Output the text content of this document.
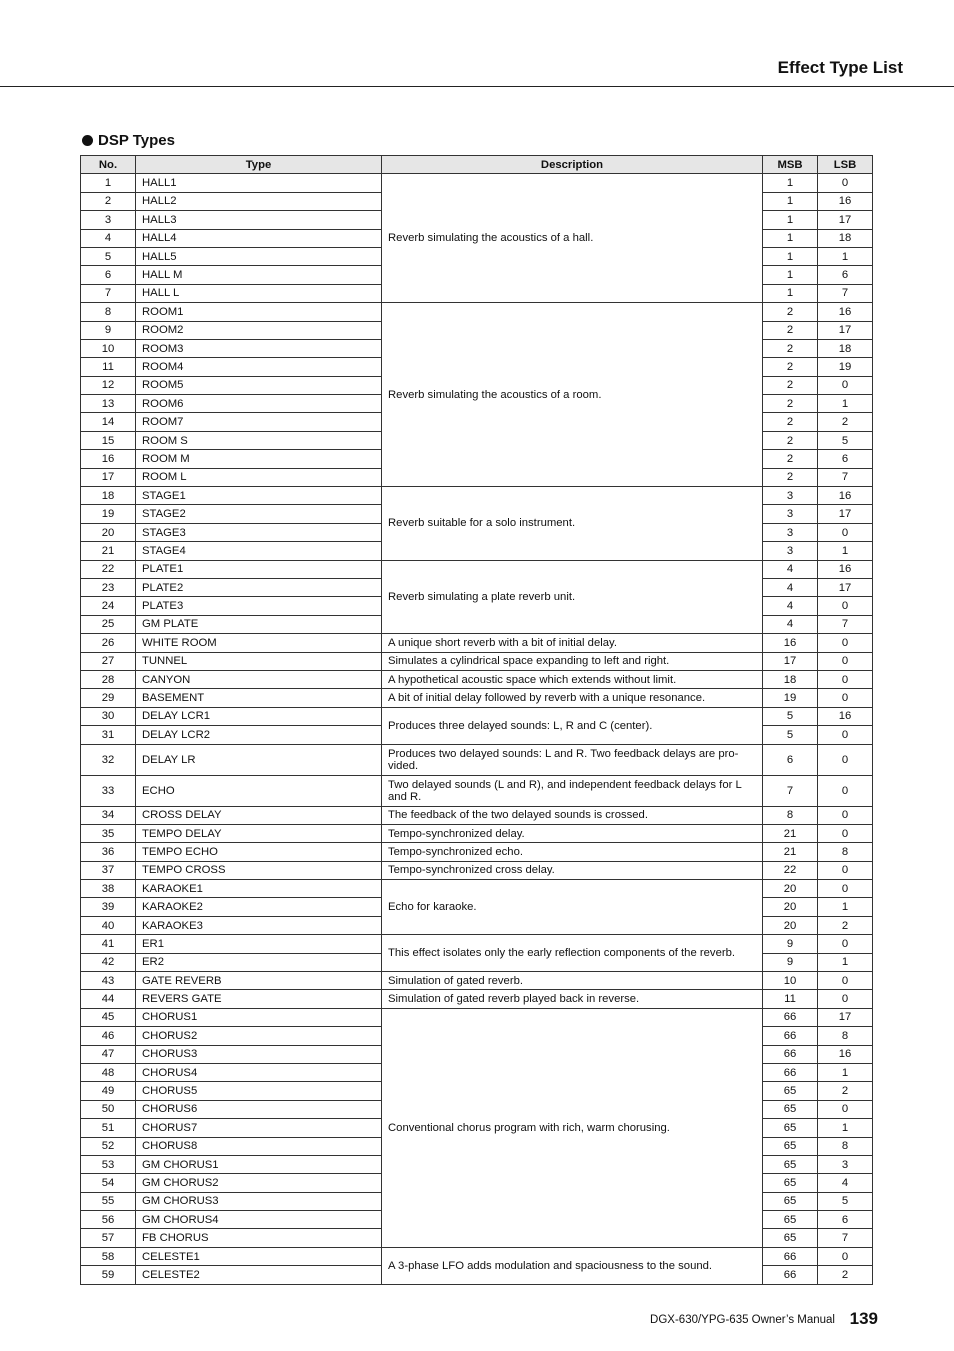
Effect Type List
DSP Types
No.	Type	Description	MSB	LSB
1	HALL1	Reverb simulating the acoustics of a hall.	1	0
2	HALL2		1	16
3	HALL3		1	17
4	HALL4		1	18
5	HALL5		1	1
6	HALL M		1	6
7	HALL L		1	7
8	ROOM1	Reverb simulating the acoustics of a room.	2	16
9	ROOM2		2	17
10	ROOM3		2	18
11	ROOM4		2	19
12	ROOM5		2	0
13	ROOM6		2	1
14	ROOM7		2	2
15	ROOM S		2	5
16	ROOM M		2	6
17	ROOM L		2	7
18	STAGE1	Reverb suitable for a solo instrument.	3	16
19	STAGE2		3	17
20	STAGE3		3	0
21	STAGE4		3	1
22	PLATE1	Reverb simulating a plate reverb unit.	4	16
23	PLATE2		4	17
24	PLATE3		4	0
25	GM PLATE		4	7
26	WHITE ROOM	A unique short reverb with a bit of initial delay.	16	0
27	TUNNEL	Simulates a cylindrical space expanding to left and right.	17	0
28	CANYON	A hypothetical acoustic space which extends without limit.	18	0
29	BASEMENT	A bit of initial delay followed by reverb with a unique resonance.	19	0
30	DELAY LCR1	Produces three delayed sounds: L, R and C (center).	5	16
31	DELAY LCR2		5	0
32	DELAY LR	Produces two delayed sounds: L and R. Two feedback delays are pro-vided.	6	0
33	ECHO	Two delayed sounds (L and R), and independent feedback delays for L and R.	7	0
34	CROSS DELAY	The feedback of the two delayed sounds is crossed.	8	0
35	TEMPO DELAY	Tempo-synchronized delay.	21	0
36	TEMPO ECHO	Tempo-synchronized echo.	21	8
37	TEMPO CROSS	Tempo-synchronized cross delay.	22	0
38	KARAOKE1	Echo for karaoke.	20	0
39	KARAOKE2		20	1
40	KARAOKE3		20	2
41	ER1	This effect isolates only the early reflection components of the reverb.	9	0
42	ER2		9	1
43	GATE REVERB	Simulation of gated reverb.	10	0
44	REVERS GATE	Simulation of gated reverb played back in reverse.	11	0
45	CHORUS1	Conventional chorus program with rich, warm chorusing.	66	17
46	CHORUS2		66	8
47	CHORUS3		66	16
48	CHORUS4		66	1
49	CHORUS5		65	2
50	CHORUS6		65	0
51	CHORUS7		65	1
52	CHORUS8		65	8
53	GM CHORUS1		65	3
54	GM CHORUS2		65	4
55	GM CHORUS3		65	5
56	GM CHORUS4		65	6
57	FB CHORUS		65	7
58	CELESTE1	A 3-phase LFO adds modulation and spaciousness to the sound.	66	0
59	CELESTE2		66	2
DGX-630/YPG-635 Owner’s Manual 139
